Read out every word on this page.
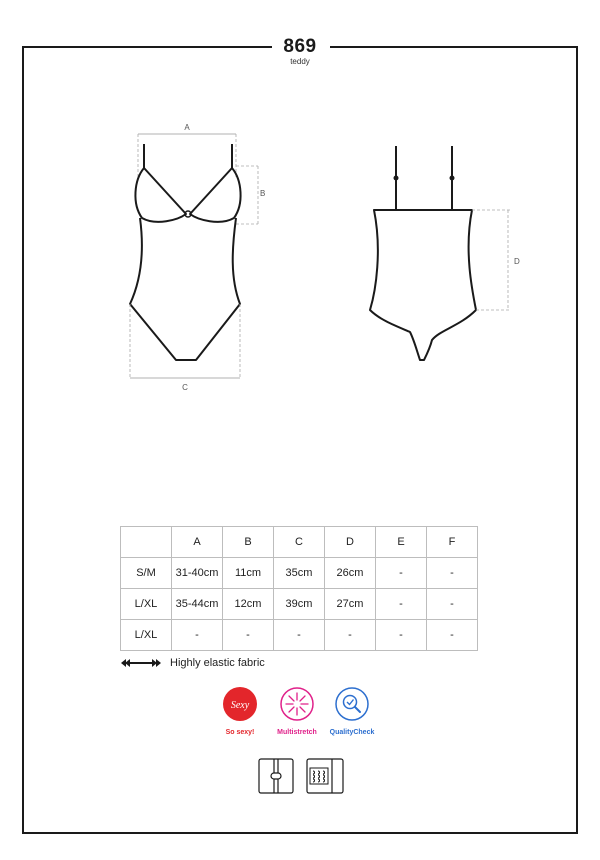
869
teddy
A
C
B
D
	A	B	C	D	E	F
S/M	31-40cm	11cm	35cm	26cm	-	-
L/XL	35-44cm	12cm	39cm	27cm	-	-
L/XL	-	-	-	-	-	-
Highly elastic fabric
Sexy
So sexy!	Multistretch	QualityCheck
